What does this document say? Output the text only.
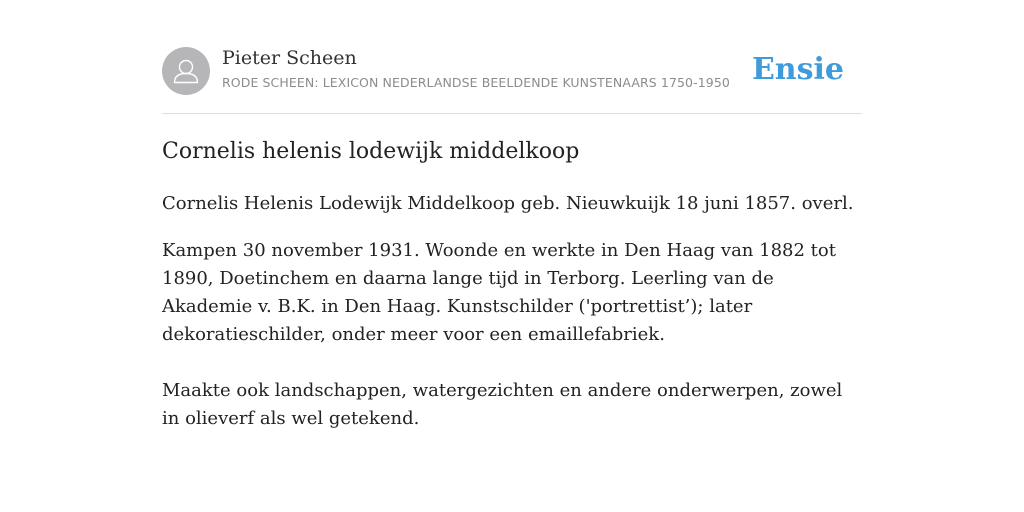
Pieter Scheen
RODE SCHEEN: LEXICON NEDERLANDSE BEELDENDE KUNSTENAARS 1750-1950 Ensie
Cornelis helenis lodewijk middelkoop

Cornelis Helenis Lodewijk Middelkoop geb. Nieuwkuijk 18 juni 1857. overl.

Kampen 30 november 1931. Woonde en werkte in Den Haag van 1882 tot 1890, Doetinchem en daarna lange tijd in Terborg. Leerling van de Akademie v. B.K. in Den Haag. Kunstschilder ('portrettist’); later dekoratieschilder, onder meer voor een emaillefabriek.

Maakte ook landschappen, watergezichten en andere onderwerpen, zowel in olieverf als wel getekend.
